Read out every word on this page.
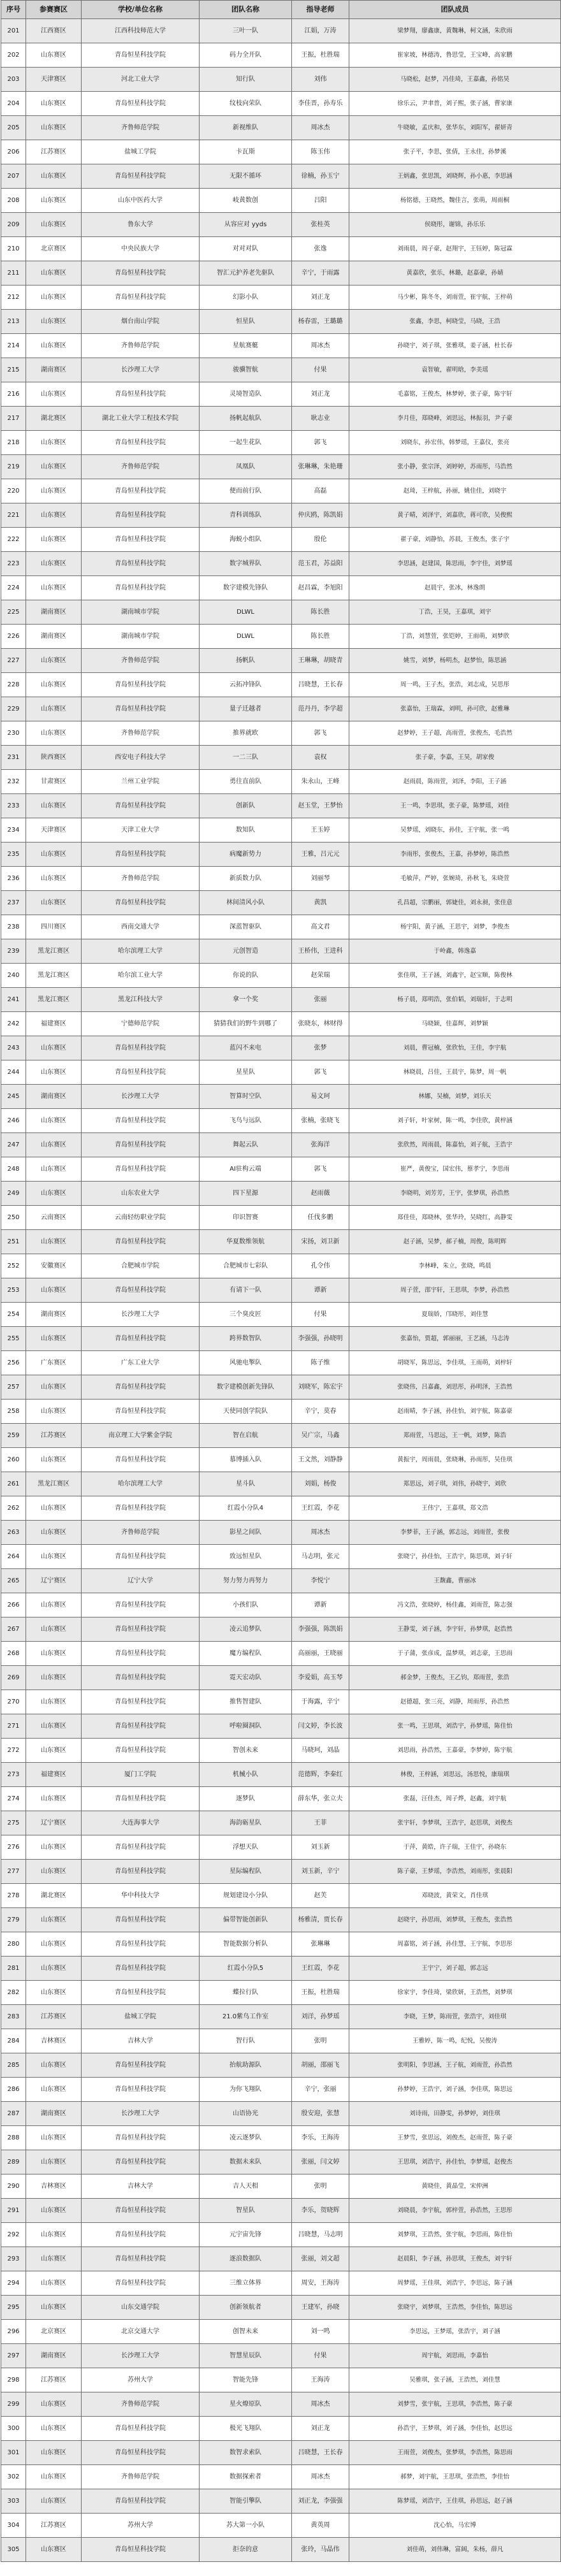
序号	参赛赛区	学校/单位名称	团队名称	指导老师	团队成员
201	江西赛区	江西科技师范大学	三叶一队	江娟，万涛	梁梦翔，廖鑫康，黄魏琳，柯文涵，朱欣雨
202	山东赛区	青岛恒星科技学院	码力全开队	王振，杜胜瑞	崔家坡，林德涛，鲁思莹，王宝峰，高家鹏
203	天津赛区	河北工业大学	知行队	刘伟	马晓松，赵梦，冯佳琦，王嘉鑫，孙铭昊
204	山东赛区	青岛恒星科技学院	纹枝向荣队	李佳晋，孙寿乐	徐乐云，尹聿普，刘子熙，张子涵，曹家康
205	山东赛区	齐鲁师范学院	新视维队	周冰杰	牛晓敏，孟庆和，张华东，刘阳军，翟妍青
206	江苏赛区	盐城工学院	卡瓦斯	陈玉伟	张子平，李思，张倩，王永佳，孙梦溪
207	山东赛区	青岛恒星科技学院	无限不循环	徐楠，孙玉宁	王炳鑫，张思凯，刘晓辉，孙小惠，李思涵
208	山东赛区	山东中医药大学	岐黄数创	吕阳	杨铭德，王晓然，魏佳言，张萌，周雨桐
209	山东赛区	鲁东大学	从容应对 yyds	张桂英	侯晓彤，谢锦，孙乐乐
210	北京赛区	中央民族大学	对对对队	张逸	刘雨晨，周子豪，赵翔宇，王钰婷，陈冠霖
211	山东赛区	青岛恒星科技学院	智汇元护养老先驱队	辛宁，于雨露	黄嘉欣，张乐，林璐，赵嘉豪，孙婧
212	山东赛区	青岛恒星科技学院	幻影小队	刘正龙	马少彬，陈冬冬，刘雨萱，崔宇航，王梓萌
213	山东赛区	烟台南山学院	恒星队	杨春雷，王璐璐	张鑫，李思，柯晓莹，马晓，王浩
214	山东赛区	齐鲁师范学院	星航赛艇	周冰杰	孙晓宇，刘子琪，张雅琪，姜子涵，杜长春
215	湖南赛区	长沙理工大学	骏骥智航	付果	袁智敏，翟明晗，李美瑶
216	山东赛区	青岛恒星科技学院	灵境智造队	刘正龙	毛嘉铭，王俊杰，林梦婷，张子豪，陈宇轩
217	湖北赛区	湖北工业大学工程技术学院	扬帆起航队	耿志业	李月佳，郑晓峰，刘思远，林振羽，尹子豪
218	山东赛区	青岛恒星科技学院	一起生花队	郭飞	刘晓东，孙宏伟，韩梦瑶，王嘉仪，张亮
219	山东赛区	齐鲁师范学院	凤凰队	张琳琳，朱艳珊	张小静，张宗泽，刘婷婷，苏雨彤，马浩然
220	山东赛区	青岛恒星科技学院	便而前行队	高磊	赵琦，王梓航，孙丽，姚佳佳，刘晓宇
221	山东赛区	青岛恒星科技学院	青科训练队	仲庆鸥，陈凯娟	黄子晴，刘泽宇，刘嘉欣，蒋可欣，吴俊熙
222	山东赛区	青岛恒星科技学院	海蜕小组队	殷伦	翟子豪，刘静怡，苏晨，王俊杰，张子宇
223	山东赛区	青岛恒星科技学院	数字城界队	范玉君，苏益阳	李思涵，赵建国，陈思雨，李宇佳，刘梦瑶
224	山东赛区	青岛恒星科技学院	数字建模先锋队	赵昌霖，李旭阳	赵晨宇，张冰，林逸朗
225	湖南赛区	湖南城市学院	DLWL	陈长胜	丁浩，王昊，王嘉琪，刘宇
226	湖南赛区	湖南城市学院	DLWL	陈长胜	丁浩，刘慧萱，张铠婷，王雨萌，刘梦欣
227	山东赛区	齐鲁师范学院	扬帆队	王琳琳，胡晓青	姚雪，刘梦，杨明杰，赵梦怡，陈思涵
228	山东赛区	青岛恒星科技学院	云拓冲锋队	吕晓慧，王长春	周一鸣，王子杰，张浩，刘志成，吴思彤
229	山东赛区	青岛恒星科技学院	量子迁越者	范丹丹，李学超	张嘉怡，王瑞霖，刘明，孙可欣，赵雅琳
230	山东赛区	齐鲁师范学院	推界就欧	郭飞	赵梦婷，王子超，高雨萱，张俊杰，毛浩然
231	陕西赛区	西安电子科技大学	一二三队	袁权	张子豪，李嘉，王昊，胡家俊
232	甘肃赛区	兰州工业学院	勇往直前队	朱永山，王峰	赵雨晨，陈雨萱，刘泽，李阳，王子涵
233	山东赛区	青岛恒星科技学院	创新队	赵玉堂，王梦怡	王一鸣，李思琪，张子豪，陈梦瑶，刘佳
234	天津赛区	天津工业大学	数知队	王玉婷	吴梦瑶，刘晓东，孙佳，王宇航，张一鸣
235	山东赛区	青岛恒星科技学院	病魔新势力	王雅，吕元元	李雨彤，张俊杰，王嘉，孙梦婷，陈浩然
236	山东赛区	齐鲁师范学院	新质数力队	刘丽琴	毛敏萍，严婷，张婉琦，孙秋飞，朱晓萱
237	山东赛区	青岛恒星科技学院	林间清风小队	黄凯	孔昌超，宗鹏丽，郭婕佳，刘永昶，张佳意
238	四川赛区	西南交通大学	深蓝智驱队	高文君	杨宇阳，黄子涵，王思宇，刘梦，李俊杰
239	黑龙江赛区	哈尔滨理工大学	元创智造	王桥伟，王进科	于岭鑫，韩逸嘉
240	黑龙江赛区	哈尔滨工业大学	你说的队	赵荣瑞	张佳琪，王子涵，刘鑫宇，赵宝顺，陈俊林
241	黑龙江赛区	黑龙江科技大学	拿一个奖	张丽	杨子晨，郑明浩，张伯韬，刘瑞轩，于志明
242	福建赛区	宁德师范学院	猜猜我们的野牛到哪了	张晓东，林财得	马晓颖，佳嘉辉，刘梦颖
243	山东赛区	青岛恒星科技学院	蓝闪不来电	张梦	刘晨，曹冠楠，张欣怡，王佳，李宇航
244	山东赛区	青岛恒星科技学院	星星队	郭飞	林晓晨，吕佳，王晨宇，陈梦，周一帆
245	湖南赛区	长沙理工大学	智算时空队	易文珂	林娜，吴楠，刘梦，刘乐天
246	山东赛区	青岛恒星科技学院	飞鸟与远队	张楠，张晓飞	刘子轩，叶家树，陈一鸣，李佳欣，黄梓涵
247	山东赛区	青岛恒星科技学院	舞起云队	张海洋	张欣然，周雨晨，陈嘉怡，刘子航，王浩宇
248	山东赛区	青岛恒星科技学院	AI驻构云端	郭飞	崔严，黄俊宝，国宏伟，蔡孝宁，李思雨
249	山东赛区	山东农业大学	四下星源	赵雨薇	李晓明，刘芳芳，王宇，张梦琪，孙浩然
250	云南赛区	云南轻纺职业学院	印识智赛	任伐多鹏	郑佳佳，郑晓林，张华玲，吴晓红，高静雯
251	山东赛区	青岛恒星科技学院	华夏数维领航	宋扬，刘卫新	赵子涵，吴梦，郝子楠，周俊，陈明辉
252	安徽赛区	合肥城市学院	合肥城市七彩队	孔令伟	李林峰，朱立，张晓，鸣晨
253	山东赛区	青岛恒星科技学院	有请下一队	谭新	周子萱，邵宇轩，王思琪，李梦，孙浩然
254	湖南赛区	长沙理工大学	三个臭皮匠	付果	夏瑞娇，邝晓彤，刘佳慧
255	山东赛区	青岛恒星科技学院	跨界数智队	李强强，孙晓明	张嘉怡，贾超，郭丽丽，王艺涵，马志涛
256	广东赛区	广东工业大学	风驰电掣队	陈子维	胡晓军，陈思远，李佳琪，王雨萌，刘梓轩
257	山东赛区	青岛恒星科技学院	数字建模创新先锋队	刘晓军，陈宏宇	张晓伟，吕嘉鑫，刘思彤，孙明泽，王浩然
258	山东赛区	青岛恒星科技学院	天使同创学院队	辛宁，莫春	赵雨晴，李子涵，孙佳怡，刘宇航，陈嘉豪
259	江苏赛区	南京理工大学紫金学院	智在启航	吴广宗，马鑫	郑雨萱，马思远，王一帆，刘梦，陈浩
260	山东赛区	青岛恒星科技学院	慕博插入队	王文然，刘静静	黄振宇，周雨晨，张晓琳，孙雨彤，吴佳琪
261	黑龙江赛区	哈尔滨理工大学	星斗队	刘娟，杨俊	郑思远，刘子琪，刘伟，孙晓宇，刘欣
262	山东赛区	青岛恒星科技学院	红霞小分队4	王红霞，李花	王伟宁，王嘉琪，郑文浩
263	山东赛区	齐鲁师范学院	影星之间队	周冰杰	李梦菲，王子涵，郭志远，刘雨萱，张俊
264	山东赛区	青岛恒星科技学院	致远恒星队	马志明，张元	张晓宁，孙佳怡，王浩宇，陈思琪，刘子轩
265	辽宁赛区	辽宁大学	努力努力再努力	李悦宁	王馥鑫，曹丽冰
266	山东赛区	青岛恒星科技学院	小孩们队	谭新	冯文浩，张晓婷，杨佳鑫，刘雨萱，陈志强
267	山东赛区	青岛恒星科技学院	凌云追梦队	李强强，陈凯娟	王静雯，刘子涵，李宇轩，孙梦琪，赵浩然
268	山东赛区	青岛恒星科技学院	魔方编程队	高丽丽，王晓丽	于子蒲，张彦成，温梦琪，刘志豪，王思雨
269	山东赛区	青岛恒星科技学院	霓天宏动队	李爱娟，高玉琴	郝金梦，王俊杰，王乙钧，郑雨萱，张浩
270	山东赛区	青岛恒星科技学院	推售智建队	于海露，辛宁	赵德超，张三亮，刘静，周雨彤，孙浩然
271	山东赛区	青岛恒星科技学院	呼啦圈洞队	闫文婷，李长波	张一鸣，王思琪，刘浩宇，孙梦瑶，陈佳怡
272	山东赛区	青岛恒星科技学院	智创未来	马晓珂，刘晶	刘思雨，孙浩然，王嘉豪，李梦婷，陈宇航
273	福建赛区	厦门工学院	机械小队	范德辉，李秦红	林俊，王梓涵，刘思远，汤思悦，康瑞琪
274	山东赛区	青岛恒星科技学院	逐梦队	薛东华，张立夫	张磊，汪佳杰，周子烨，赵鑫，刘宇航
275	辽宁赛区	大连海事大学	海韵砺星队	王菲	张宇轩，李梦琪，王浩宇，赵思琪，刘俊杰
276	山东赛区	青岛恒星科技学院	浮想天队	刘玉新	于萍，黄皓，许子瑞，王佳宇，孙晓东
277	山东赛区	青岛恒星科技学院	星际编程队	刘玉新，辛宁	陈子豪，王梦瑶，李浩然，刘雨彤，张晨阳
278	湖北赛区	华中科技大学	规划建设小分队	赵芙	邓晓波，黄荣文，肖佳琪
279	山东赛区	青岛恒星科技学院	偏带智能创新队	杨雅清，贾长春	赵晓宇，孙思雨，刘梦琪，王俊杰，张浩然
280	山东赛区	青岛恒星科技学院	智能数据分析队	张琳琳	周嘉铭，刘子涵，孙佳慧，王宇航，李思彤
281	山东赛区	青岛恒星科技学院	红霞小分队5	王红霞，李花	王宇宁，刘子超，郭志远
282	山东赛区	青岛恒星科技学院	蝶拉行队	王振，杜胜瑞	徐家宇，李佳琦，梁欣妍，王浩然，刘梦琪
283	江苏赛区	盐城工学院	21.0紫鸟工作室	刘洋，孙梦瑶	李晓，王梦，陈雨萱，张浩宇，刘佳琪
284	吉林赛区	吉林大学	智行队	张明	王雅婷，陈一鸣，纪悦，吴俊涛
285	山东赛区	青岛恒星科技学院	抬航助源队	胡丽，邵丽飞	张明阳，李思涵，王子航，刘雨萱，孙浩然
286	山东赛区	青岛恒星科技学院	为你飞翔队	辛宁，张丽	孙梦婷，王浩宇，刘子涵，李佳琪，陈思远
287	湖南赛区	长沙理工大学	山语协光	殷安迎，张慧	刘诗雨，田静雯，孙梦婷，刘佳琪
288	山东赛区	青岛恒星科技学院	凌云逐梦队	李乐，王海涛	王梦雪，张思远，刘俊杰，赵雨萱，陈子豪
289	山东赛区	青岛恒星科技学院	数据未来队	张丽，闫文婷	王思琪，刘浩宇，孙佳怡，李梦瑶，赵俊杰
290	吉林赛区	吉林大学	吉人天相	张明	黄晓佳，黄晶莹，宋仲洲
291	山东赛区	青岛恒星科技学院	智星队	李乐，贺晓辉	刘晓晨，李宇航，郭梓萱，孙浩然，王思彤
292	山东赛区	青岛恒星科技学院	元宇宙先锋	吕晓慧，马志明	刘梦琪，王浩然，张宇航，李思雨，陈佳怡
293	山东赛区	青岛恒星科技学院	逐浪数据队	张丽，刘文超	赵晨阳，李子涵，孙思琪，王俊杰，刘宇轩
294	山东赛区	青岛恒星科技学院	三维立体界	周安，王海涛	周梦瑶，王佳琪，刘浩宇，李思远，陈子涵
295	山东赛区	山东交通学院	创新领航者	王建军，孙晓	张晓宇，刘梦琪，王浩然，李佳怡，陈思远
296	北京赛区	北京交通大学	创智未来	刘一鸣	李思远，王梦瑶，张浩宇，刘子涵
297	湖南赛区	长沙理工大学	智慧星辰队	付果	周宇航，刘思雨，李嘉怡
298	江苏赛区	苏州大学	智能先锋	王海涛	吴雅琪，张子涵，王浩然，刘佳慧
299	山东赛区	齐鲁师范学院	星火燎原队	周冰杰	刘梦雪，张宇航，王思琪，李浩然，陈子豪
300	山东赛区	青岛恒星科技学院	极光飞翔队	刘正龙	孙浩宇，王梦琪，刘子涵，李佳怡，赵思远
301	山东赛区	青岛恒星科技学院	数智求索队	吕晓慧，王长春	王雨萱，刘俊杰，张梦琪，李浩然，陈思雨
302	山东赛区	齐鲁师范学院	数据探索者	周冰杰	郝梦，刘宇航，王思琪，张浩然，李佳怡
303	山东赛区	青岛恒星科技学院	智能引擎队	刘正龙，李强强	陈梦瑶，刘浩宇，王佳琪，孙思远，赵子涵
304	江苏赛区	苏州大学	苏大第一小队	黄英周	沈心怡，马宏博
305	山东赛区	青岛恒星科技学院	拒奈的意	张玲，马晶伟	刘佳萌，刘伟琳，富阔，朱杨，薛凡
